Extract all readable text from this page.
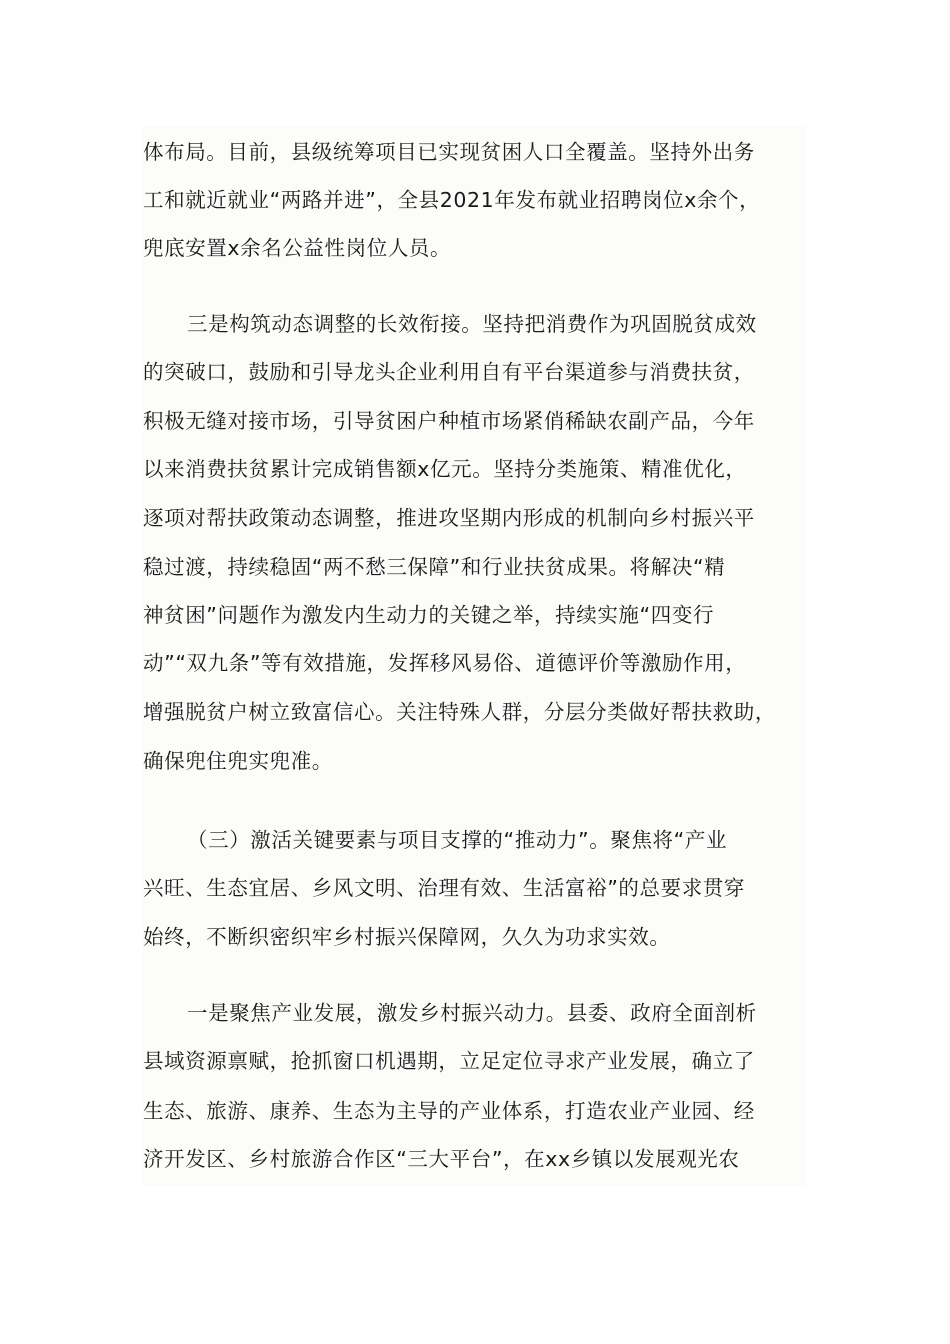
体布局。目前，县级统筹项目已实现贫困人口全覆盖。坚持外出务
工和就近就业“两路并进”，全县2021年发布就业招聘岗位x余个，
兜底安置x余名公益性岗位人员。
三是构筑动态调整的长效衔接。坚持把消费作为巩固脱贫成效
的突破口，鼓励和引导龙头企业利用自有平台渠道参与消费扶贫，
积极无缝对接市场，引导贫困户种植市场紧俏稀缺农副产品，今年
以来消费扶贫累计完成销售额x亿元。坚持分类施策、精准优化，
逐项对帮扶政策动态调整，推进攻坚期内形成的机制向乡村振兴平
稳过渡，持续稳固“两不愁三保障”和行业扶贫成果。将解决“精
神贫困”问题作为激发内生动力的关键之举，持续实施“四变行
动”“双九条”等有效措施，发挥移风易俗、道德评价等激励作用，
增强脱贫户树立致富信心。关注特殊人群，分层分类做好帮扶救助，
确保兜住兜实兜准。
（三）激活关键要素与项目支撑的“推动力”。聚焦将“产业
兴旺、生态宜居、乡风文明、治理有效、生活富裕”的总要求贯穿
始终，不断织密织牢乡村振兴保障网，久久为功求实效。
一是聚焦产业发展，激发乡村振兴动力。县委、政府全面剖析
县域资源禀赋，抢抓窗口机遇期，立足定位寻求产业发展，确立了
生态、旅游、康养、生态为主导的产业体系，打造农业产业园、经
济开发区、乡村旅游合作区“三大平台”，在xx乡镇以发展观光农
